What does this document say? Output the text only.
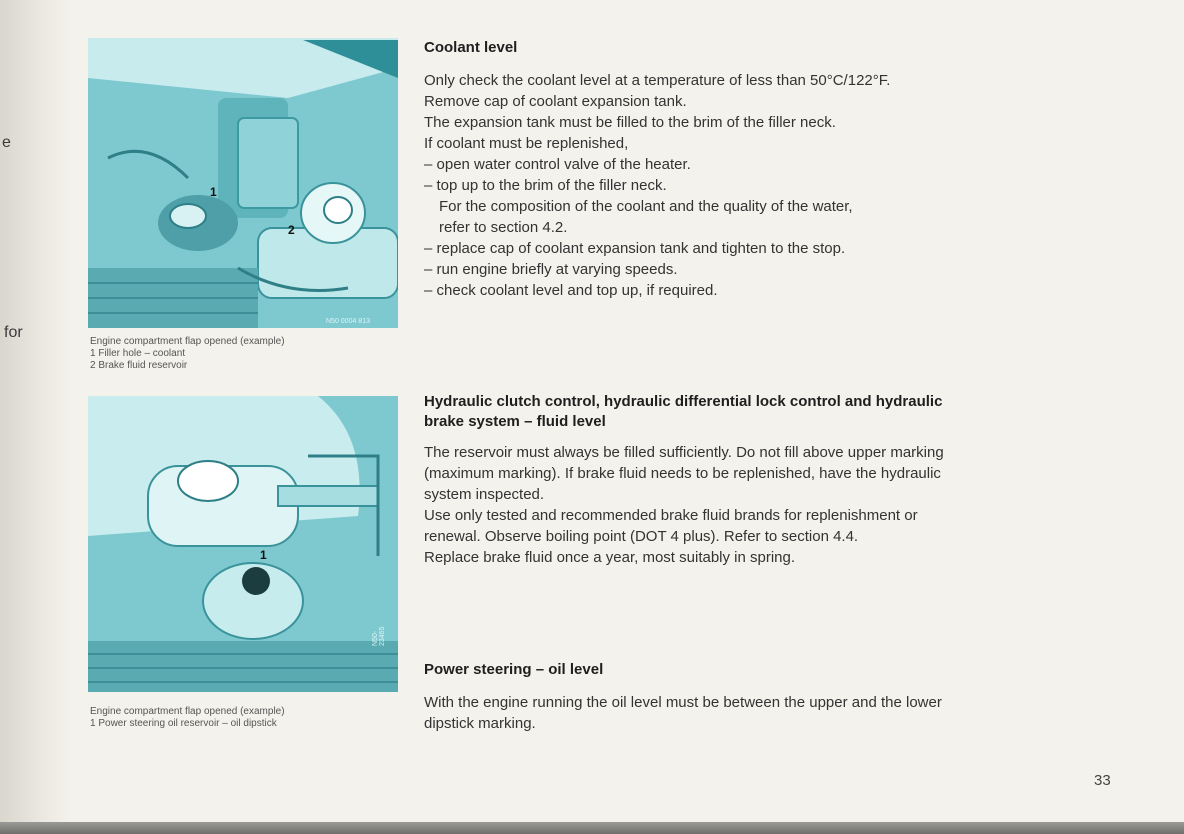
e
for
1
2
N50 0004 813
Engine compartment flap opened (example)
1 Filler hole – coolant
2 Brake fluid reservoir
1
N50-23465
Engine compartment flap opened (example)
1 Power steering oil reservoir – oil dipstick
Coolant level
Only check the coolant level at a temperature of less than 50°C/122°F.
Remove cap of coolant expansion tank.
The expansion tank must be filled to the brim of the filler neck.
If coolant must be replenished,
– open water control valve of the heater.
– top up to the brim of the filler neck.
For the composition of the coolant and the quality of the water,
refer to section 4.2.
– replace cap of coolant expansion tank and tighten to the stop.
– run engine briefly at varying speeds.
– check coolant level and top up, if required.
Hydraulic clutch control, hydraulic differential lock control and hydraulic
brake system – fluid level
The reservoir must always be filled sufficiently. Do not fill above upper marking
(maximum marking). If brake fluid needs to be replenished, have the hydraulic
system inspected.
Use only tested and recommended brake fluid brands for replenishment or
renewal. Observe boiling point (DOT 4 plus). Refer to section 4.4.
Replace brake fluid once a year, most suitably in spring.
Power steering – oil level
With the engine running the oil level must be between the upper and the lower
dipstick marking.
33
